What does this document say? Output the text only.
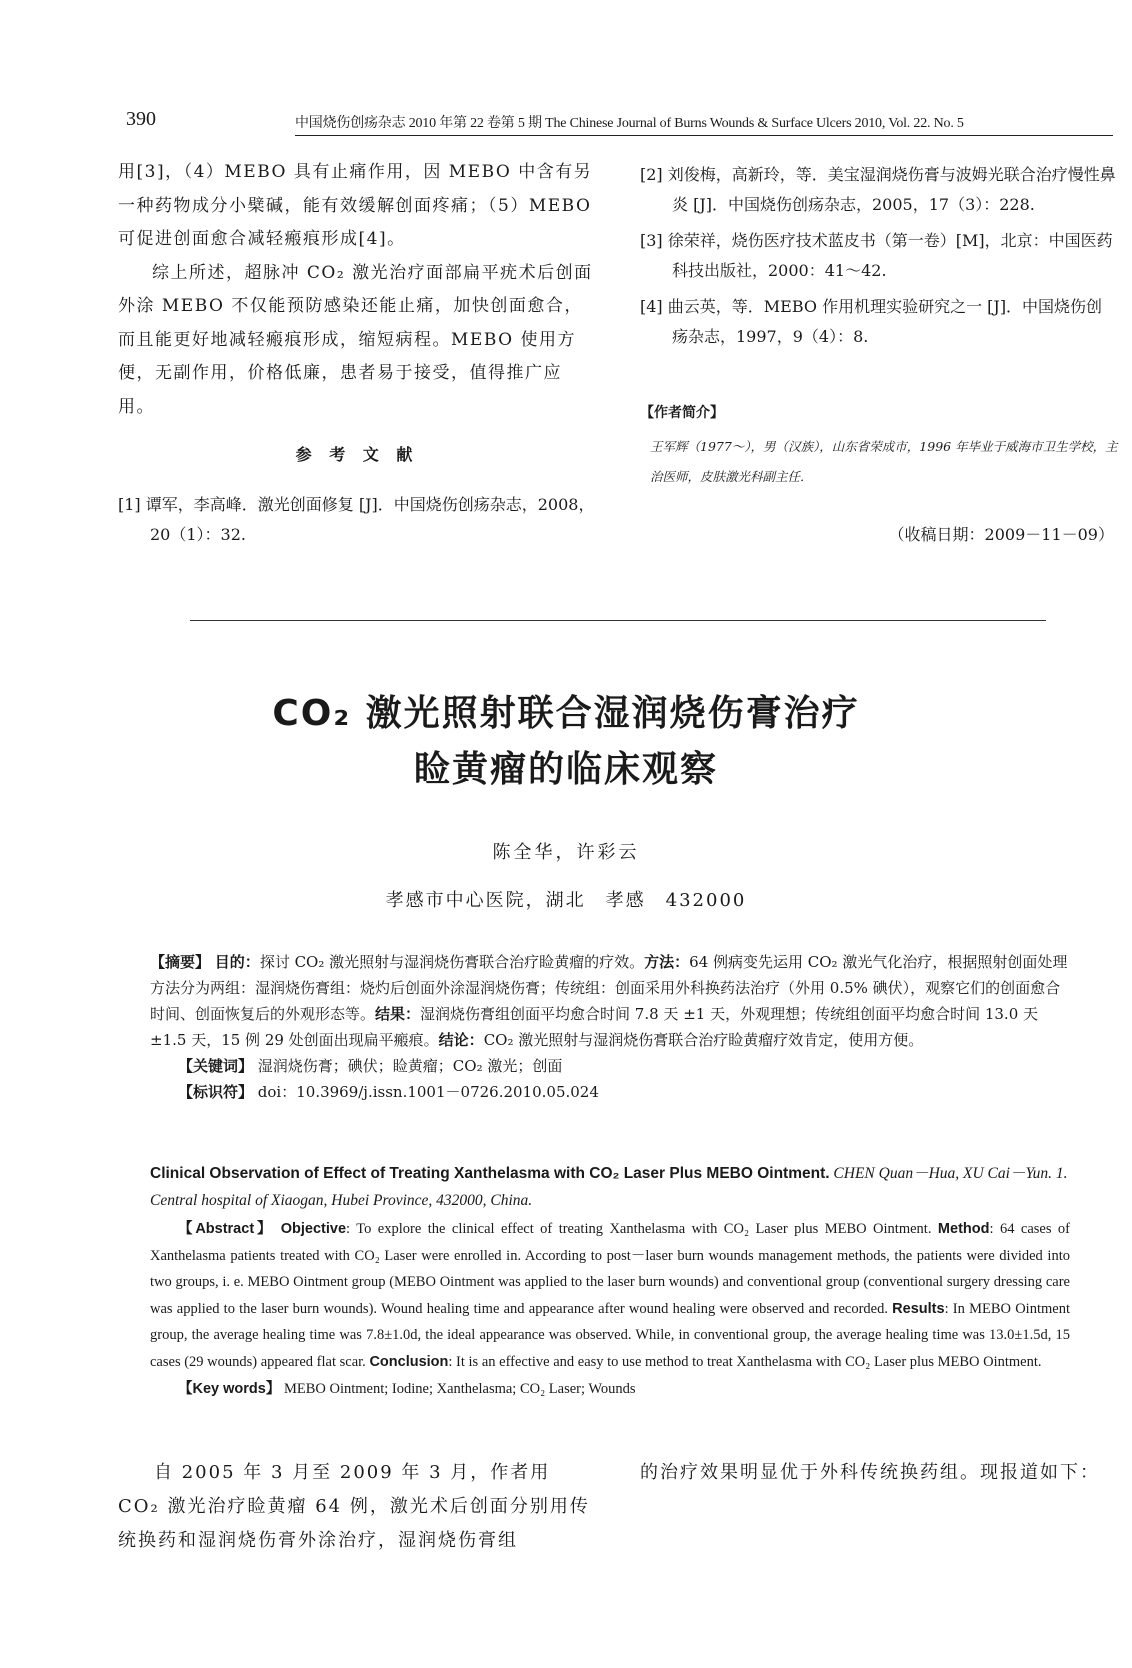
390	中国烧伤创疡杂志 2010 年第 22 卷第 5 期 The Chinese Journal of Burns Wounds & Surface Ulcers 2010, Vol. 22. No. 5

用[3]，（4）MEBO 具有止痛作用，因 MEBO 中含有另一种药物成分小檗碱，能有效缓解创面疼痛；（5）MEBO 可促进创面愈合减轻瘢痕形成[4]。

综上所述，超脉冲 CO₂ 激光治疗面部扁平疣术后创面外涂 MEBO 不仅能预防感染还能止痛，加快创面愈合，而且能更好地减轻瘢痕形成，缩短病程。MEBO 使用方便，无副作用，价格低廉，患者易于接受，值得推广应用。

参 考 文 献

[1] 谭军，李高峰．激光创面修复 [J]．中国烧伤创疡杂志，2008，20（1）：32.

[2] 刘俊梅，高新玲，等．美宝湿润烧伤膏与波姆光联合治疗慢性鼻炎 [J]．中国烧伤创疡杂志，2005，17（3）：228.

[3] 徐荣祥，烧伤医疗技术蓝皮书（第一卷）[M]，北京：中国医药科技出版社，2000：41～42.

[4] 曲云英，等．MEBO 作用机理实验研究之一 [J]．中国烧伤创疡杂志，1997，9（4）：8.

【作者简介】
王军辉（1977～），男（汉族），山东省荣成市，1996 年毕业于威海市卫生学校，主治医师，皮肤激光科副主任．
（收稿日期：2009－11－09）
CO₂ 激光照射联合湿润烧伤膏治疗
睑黄瘤的临床观察
陈全华，许彩云
孝感市中心医院，湖北　孝感　432000

【摘要】 目的：探讨 CO₂ 激光照射与湿润烧伤膏联合治疗睑黄瘤的疗效。方法：64 例病变先运用 CO₂ 激光气化治疗，根据照射创面处理方法分为两组：湿润烧伤膏组：烧灼后创面外涂湿润烧伤膏；传统组：创面采用外科换药法治疗（外用 0.5% 碘伏），观察它们的创面愈合时间、创面恢复后的外观形态等。结果：湿润烧伤膏组创面平均愈合时间 7.8 天 ±1 天，外观理想；传统组创面平均愈合时间 13.0 天 ±1.5 天，15 例 29 处创面出现扁平瘢痕。结论：CO₂ 激光照射与湿润烧伤膏联合治疗睑黄瘤疗效肯定，使用方便。

【关键词】 湿润烧伤膏；碘伏；睑黄瘤；CO₂ 激光；创面

【标识符】 doi：10.3969/j.issn.1001－0726.2010.05.024

Clinical Observation of Effect of Treating Xanthelasma with CO₂ Laser Plus MEBO Ointment. CHEN Quan－Hua, XU Cai－Yun. 1. Central hospital of Xiaogan, Hubei Province, 432000, China.

【Abstract】 Objective: To explore the clinical effect of treating Xanthelasma with CO₂ Laser plus MEBO Ointment. Method: 64 cases of Xanthelasma patients treated with CO₂ Laser were enrolled in. According to post－laser burn wounds management methods, the patients were divided into two groups, i. e. MEBO Ointment group (MEBO Ointment was applied to the laser burn wounds) and conventional group (conventional surgery dressing care was applied to the laser burn wounds). Wound healing time and appearance after wound healing were observed and recorded. Results: In MEBO Ointment group, the average healing time was 7.8±1.0d, the ideal appearance was observed. While, in conventional group, the average healing time was 13.0±1.5d, 15 cases (29 wounds) appeared flat scar. Conclusion: It is an effective and easy to use method to treat Xanthelasma with CO₂ Laser plus MEBO Ointment.

【Key words】 MEBO Ointment; Iodine; Xanthelasma; CO₂ Laser; Wounds

自 2005 年 3 月至 2009 年 3 月，作者用 CO₂ 激光治疗睑黄瘤 64 例，激光术后创面分别用传统换药和湿润烧伤膏外涂治疗，湿润烧伤膏组

的治疗效果明显优于外科传统换药组。现报道如下：
